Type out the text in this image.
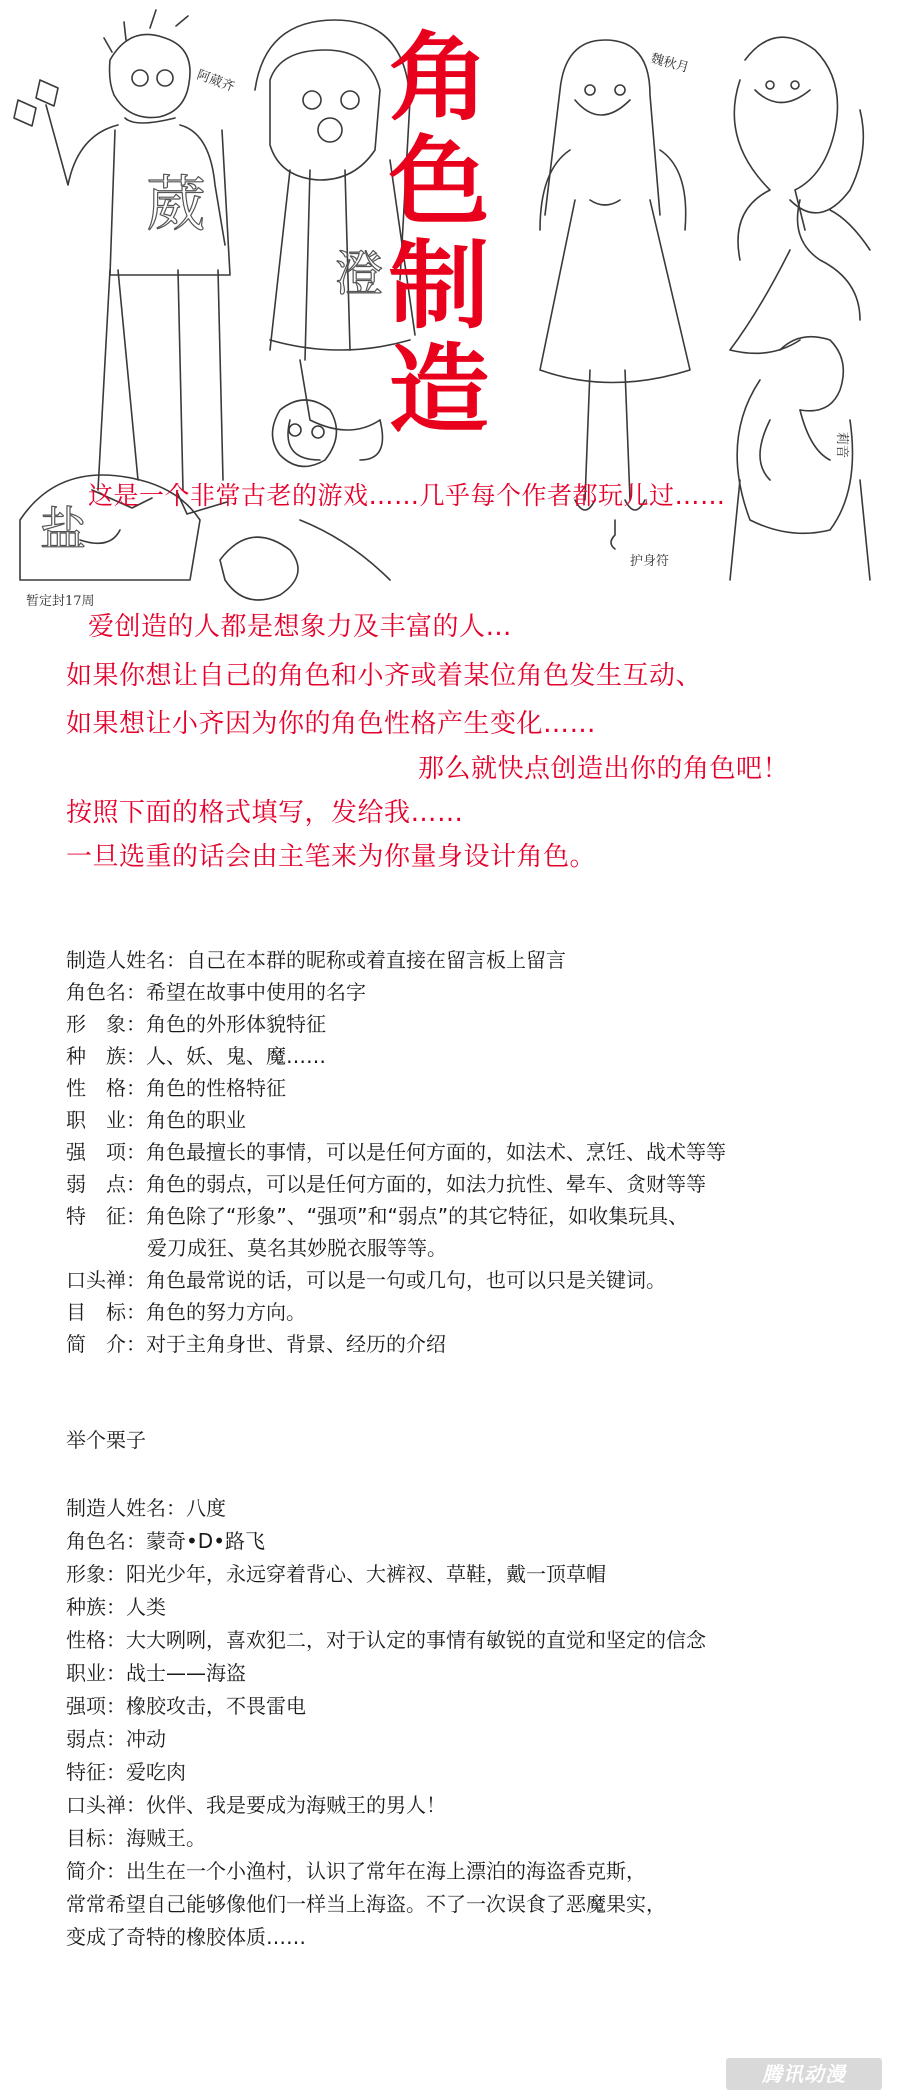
葳
澄
盐
阿葳齐
魏秋月
莉音
护身符
暂定封17周
角
色
制
造
这是一个非常古老的游戏……几乎每个作者都玩儿过……
爱创造的人都是想象力及丰富的人…
如果你想让自己的角色和小齐或着某位角色发生互动、
如果想让小齐因为你的角色性格产生变化……
那么就快点创造出你的角色吧！
按照下面的格式填写，发给我……
一旦选重的话会由主笔来为你量身设计角色。
制造人姓名 ： 自己在本群的昵称或着直接在留言板上留言
角色名 ： 希望在故事中使用的名字
形　象 ： 角色的外形体貌特征
种　族 ： 人、妖、鬼、魔……
性　格 ： 角色的性格特征
职　业 ： 角色的职业
强　项 ： 角色最擅长的事情，可以是任何方面的，如法术、烹饪、战术等等
弱　点 ： 角色的弱点，可以是任何方面的，如法力抗性、晕车、贪财等等
特　征 ： 角色除了“形象”、“强项”和“弱点”的其它特征，如收集玩具、
爱刀成狂、莫名其妙脱衣服等等。
口头禅 ： 角色最常说的话，可以是一句或几句，也可以只是关键词。
目　标 ： 角色的努力方向。
简　介 ： 对于主角身世、背景、经历的介绍
举个栗子
制造人姓名 ： 八度
角色名 ： 蒙奇•D•路飞
形象 ： 阳光少年，永远穿着背心、大裤衩、草鞋，戴一顶草帽
种族 ： 人类
性格 ： 大大咧咧，喜欢犯二，对于认定的事情有敏锐的直觉和坚定的信念
职业 ： 战士——海盗
强项 ： 橡胶攻击，不畏雷电
弱点 ： 冲动
特征 ： 爱吃肉
口头禅 ： 伙伴、我是要成为海贼王的男人！
目标 ： 海贼王。
简介 ： 出生在一个小渔村，认识了常年在海上漂泊的海盗香克斯，
常常希望自己能够像他们一样当上海盗。不了一次误食了恶魔果实，
变成了奇特的橡胶体质……
腾讯动漫
